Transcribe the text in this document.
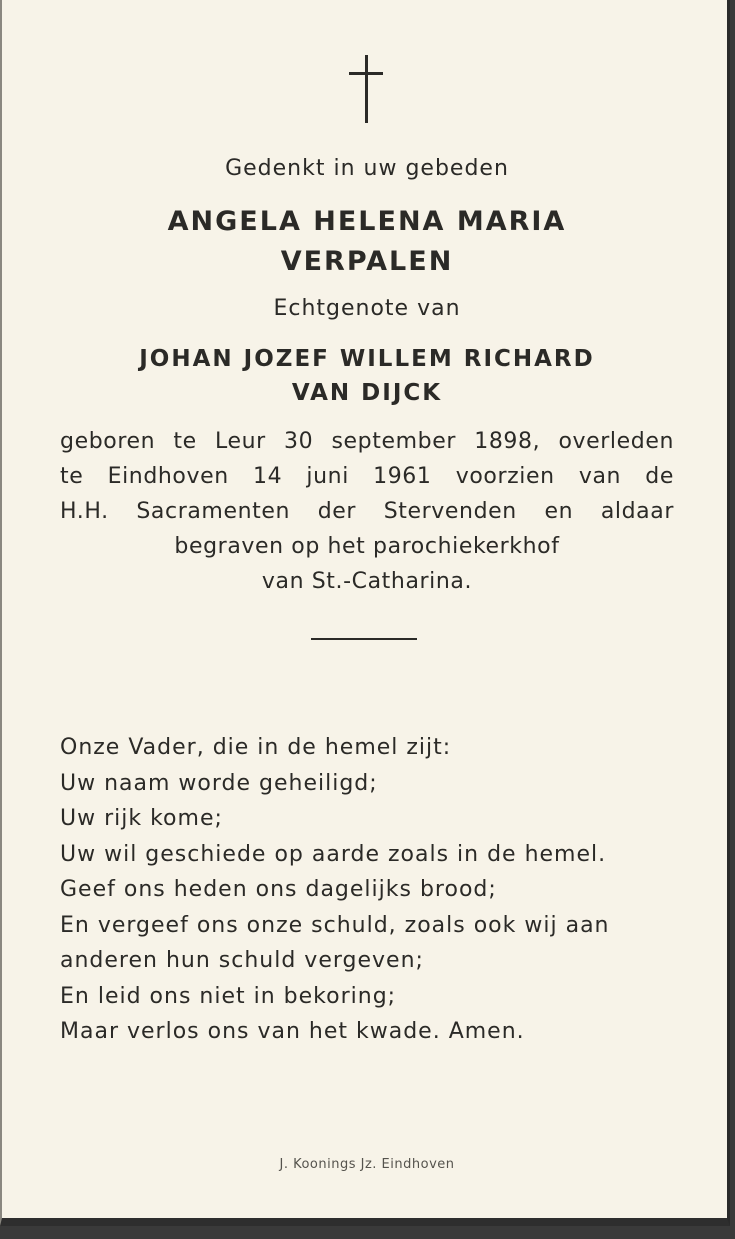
Gedenkt in uw gebeden
ANGELA HELENA MARIA
VERPALEN
Echtgenote van
JOHAN JOZEF WILLEM RICHARD
VAN DIJCK
geboren te Leur 30 september 1898, overleden
te Eindhoven 14 juni 1961 voorzien van de
H.H. Sacramenten der Stervenden en aldaar
begraven op het parochiekerkhof
van St.-Catharina.
Onze Vader, die in de hemel zijt:
Uw naam worde geheiligd;
Uw rijk kome;
Uw wil geschiede op aarde zoals in de hemel.
Geef ons heden ons dagelijks brood;
En vergeef ons onze schuld, zoals ook wij aan
anderen hun schuld vergeven;
En leid ons niet in bekoring;
Maar verlos ons van het kwade. Amen.
J. Koonings Jz. Eindhoven
